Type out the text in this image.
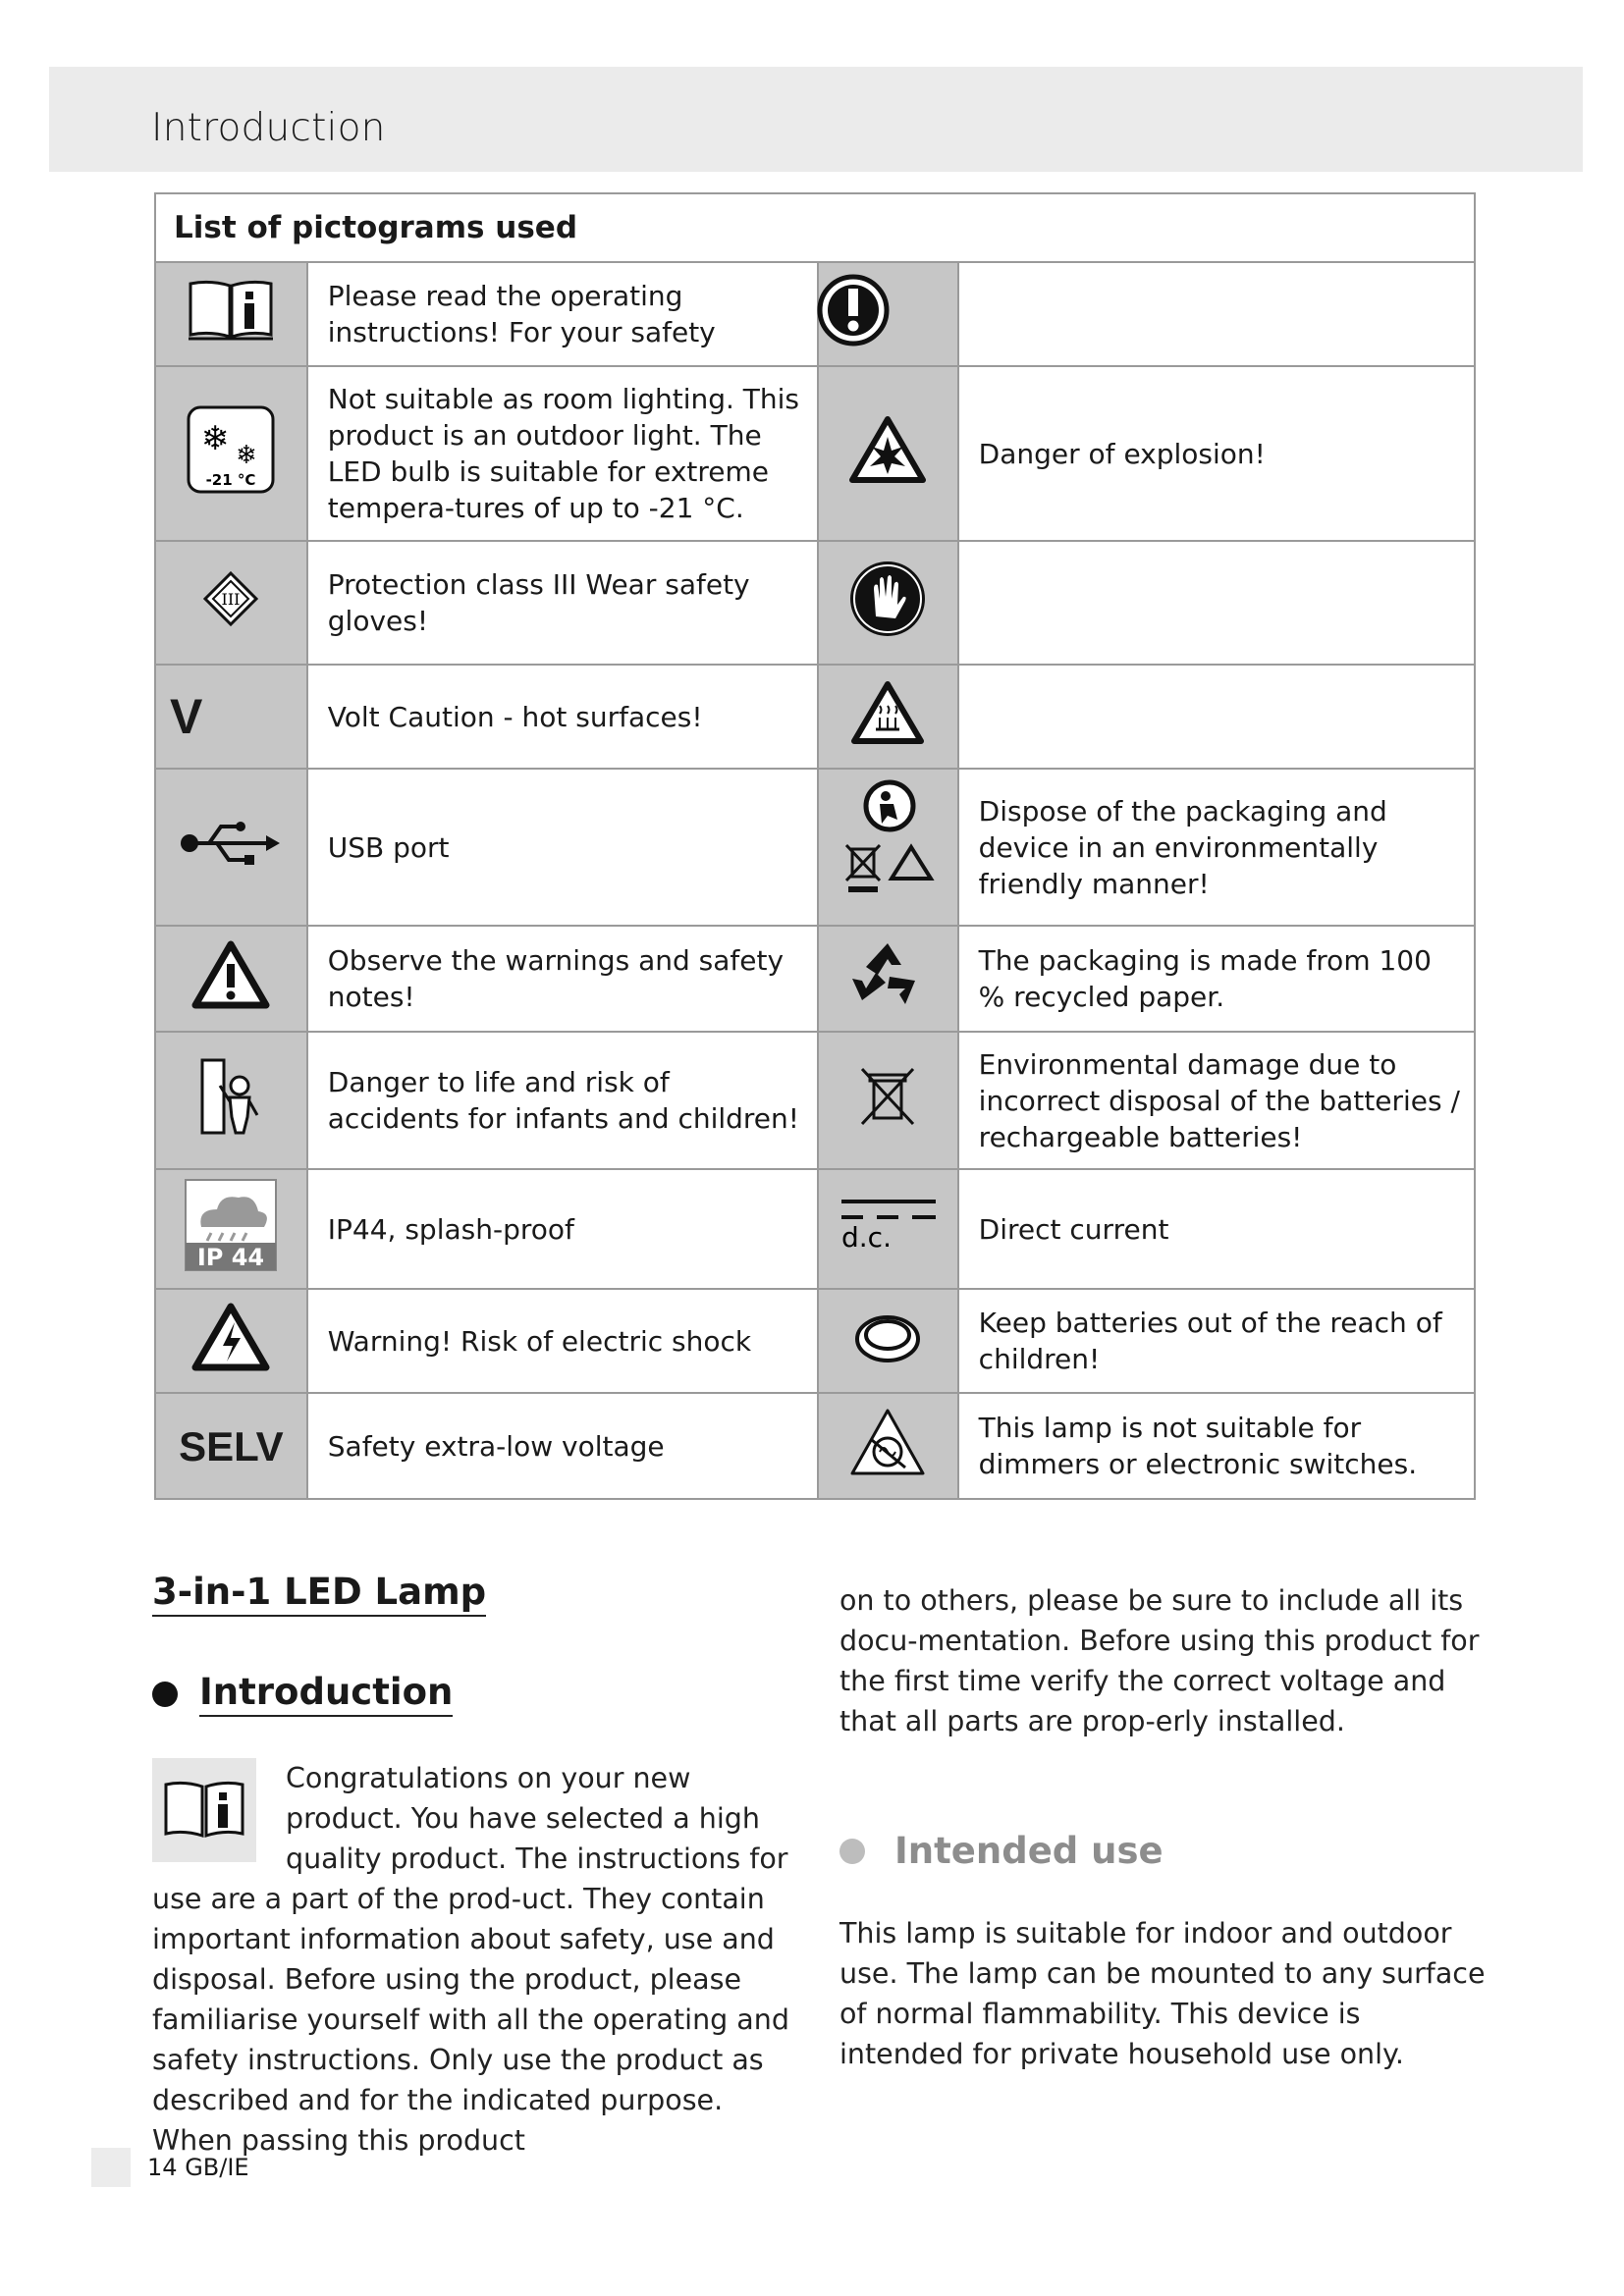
Introduction
List of pictograms used			
	Please read the operating instructions! For your safety		

❄ ❄
-21 °C	Not suitable as room lighting. This product is an outdoor light. The LED bulb is suitable for extreme tempera-tures of up to -21 °C.		Danger of explosion!

III	Protection class III Wear safety gloves!		
V	Volt Caution - hot surfaces!		
	USB port		Dispose of the packaging and device in an environmentally friendly manner!
	Observe the warnings and safety notes!		The packaging is made from 100 % recycled paper.
	Danger to life and risk of accidents for infants and children!		Environmental damage due to incorrect disposal of the batteries / rechargeable batteries!

IP 44	IP44, splash-proof	d.c.	Direct current
	Warning! Risk of electric shock		Keep batteries out of the reach of children!
SELV	Safety extra-low voltage		This lamp is not suitable for dimmers or electronic switches.
3-in-1 LED Lamp
Introduction
Congratulations on your new product. You have selected a high quality product. The instructions for use are a part of the prod-uct. They contain important information about safety, use and disposal. Before using the product, please familiarise yourself with all the operating and safety instructions. Only use the product as described and for the indicated purpose. When passing this product
on to others, please be sure to include all its docu-mentation. Before using this product for the first time verify the correct voltage and that all parts are prop-erly installed.
Intended use
This lamp is suitable for indoor and outdoor use. The lamp can be mounted to any surface of normal flammability. This device is intended for private household use only.
14 GB/IE
